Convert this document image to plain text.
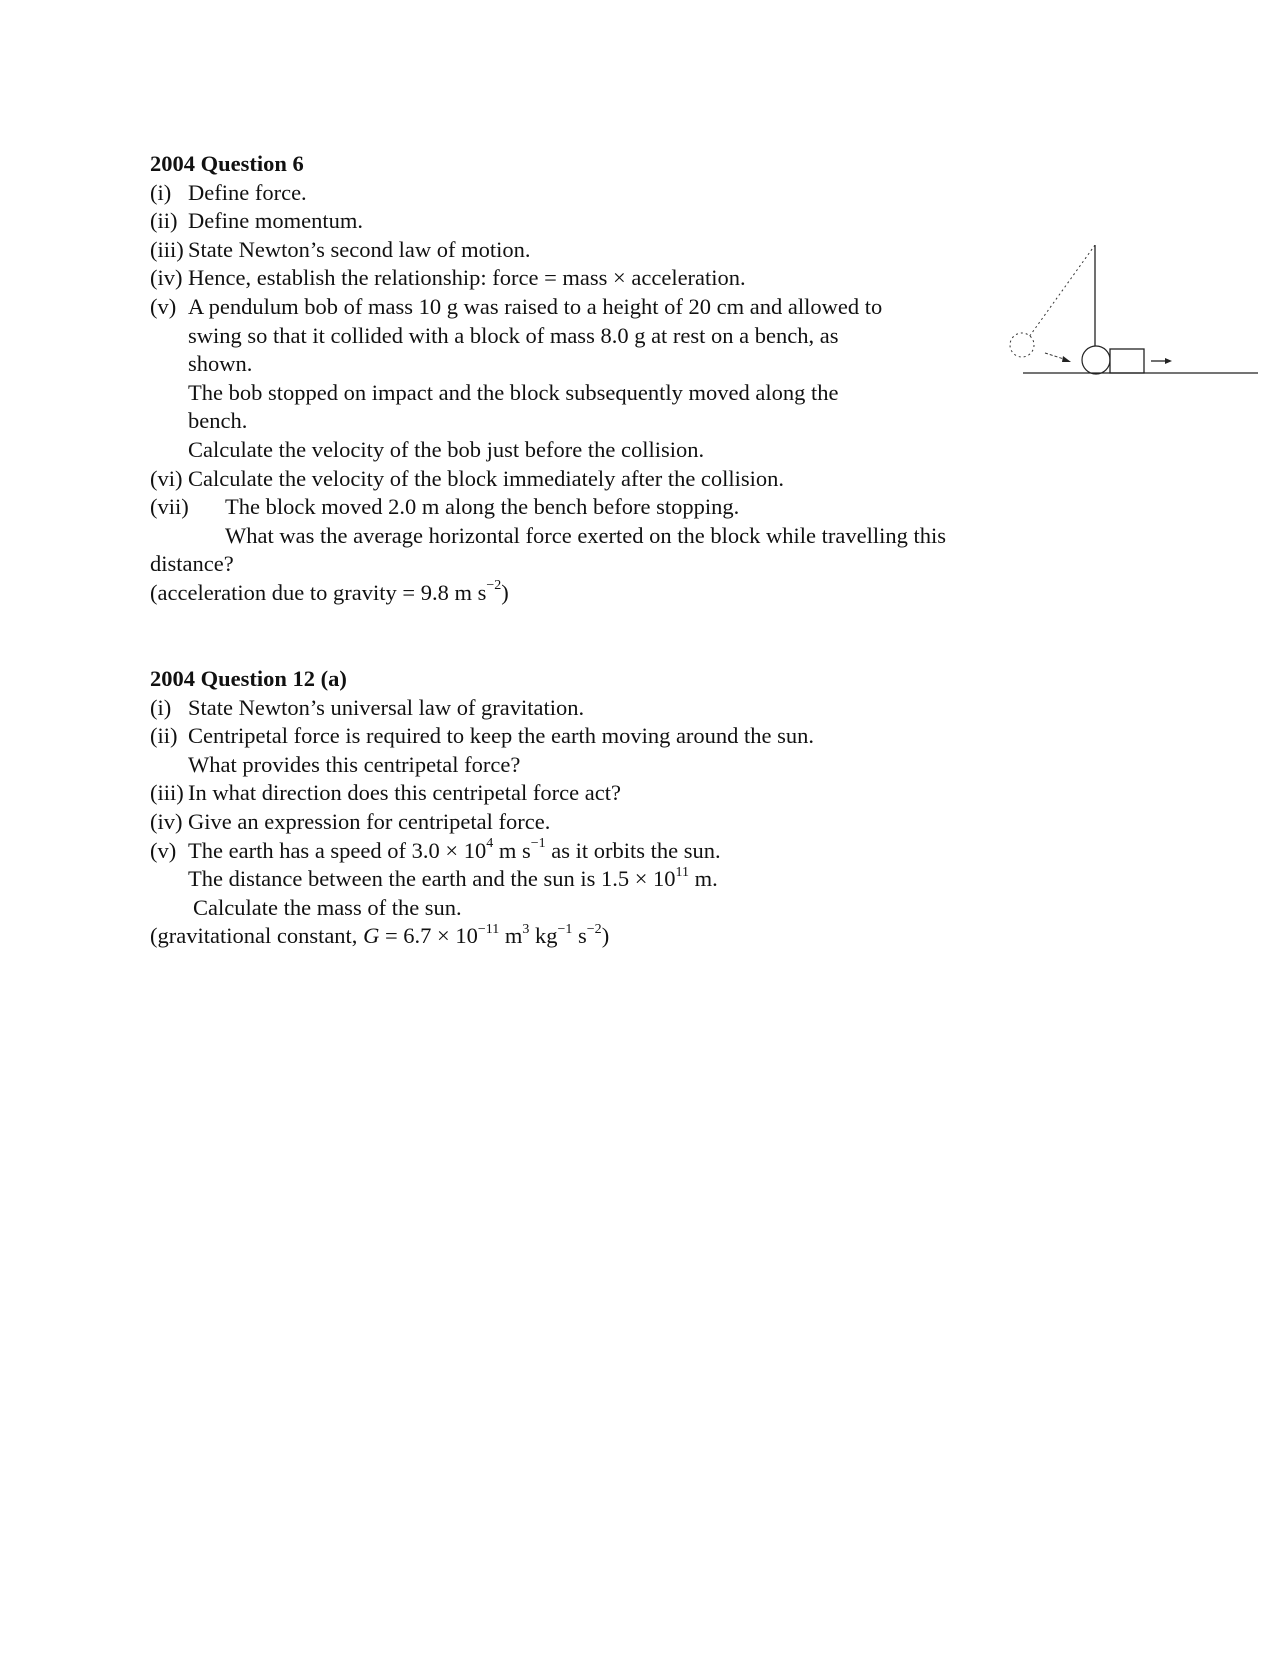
2004 Question 6
(i) Define force.
(ii) Define momentum.
(iii) State Newton’s second law of motion.
(iv) Hence, establish the relationship: force = mass × acceleration.
(v) A pendulum bob of mass 10 g was raised to a height of 20 cm and allowed to
swing so that it collided with a block of mass 8.0 g at rest on a bench, as
shown.
The bob stopped on impact and the block subsequently moved along the
bench.
Calculate the velocity of the bob just before the collision.
(vi) Calculate the velocity of the block immediately after the collision.
(vii) The block moved 2.0 m along the bench before stopping.
What was the average horizontal force exerted on the block while travelling this
distance?
(acceleration due to gravity = 9.8 m $s^{-2}$)
2004 Question 12 (a)
(i) State Newton’s universal law of gravitation.
(ii) Centripetal force is required to keep the earth moving around the sun.
What provides this centripetal force?
(iii) In what direction does this centripetal force act?
(iv) Give an expression for centripetal force.
(v) The earth has a speed of $3.0 \times 10^4$ m $s^{-1}$ as it orbits the sun.
The distance between the earth and the sun is $1.5 \times 10^{11}$ m.
Calculate the mass of the sun.
(gravitational constant, $G = 6.7 \times 10^{-11}$ $m^3$ $kg^{-1}$ $s^{-2}$)
